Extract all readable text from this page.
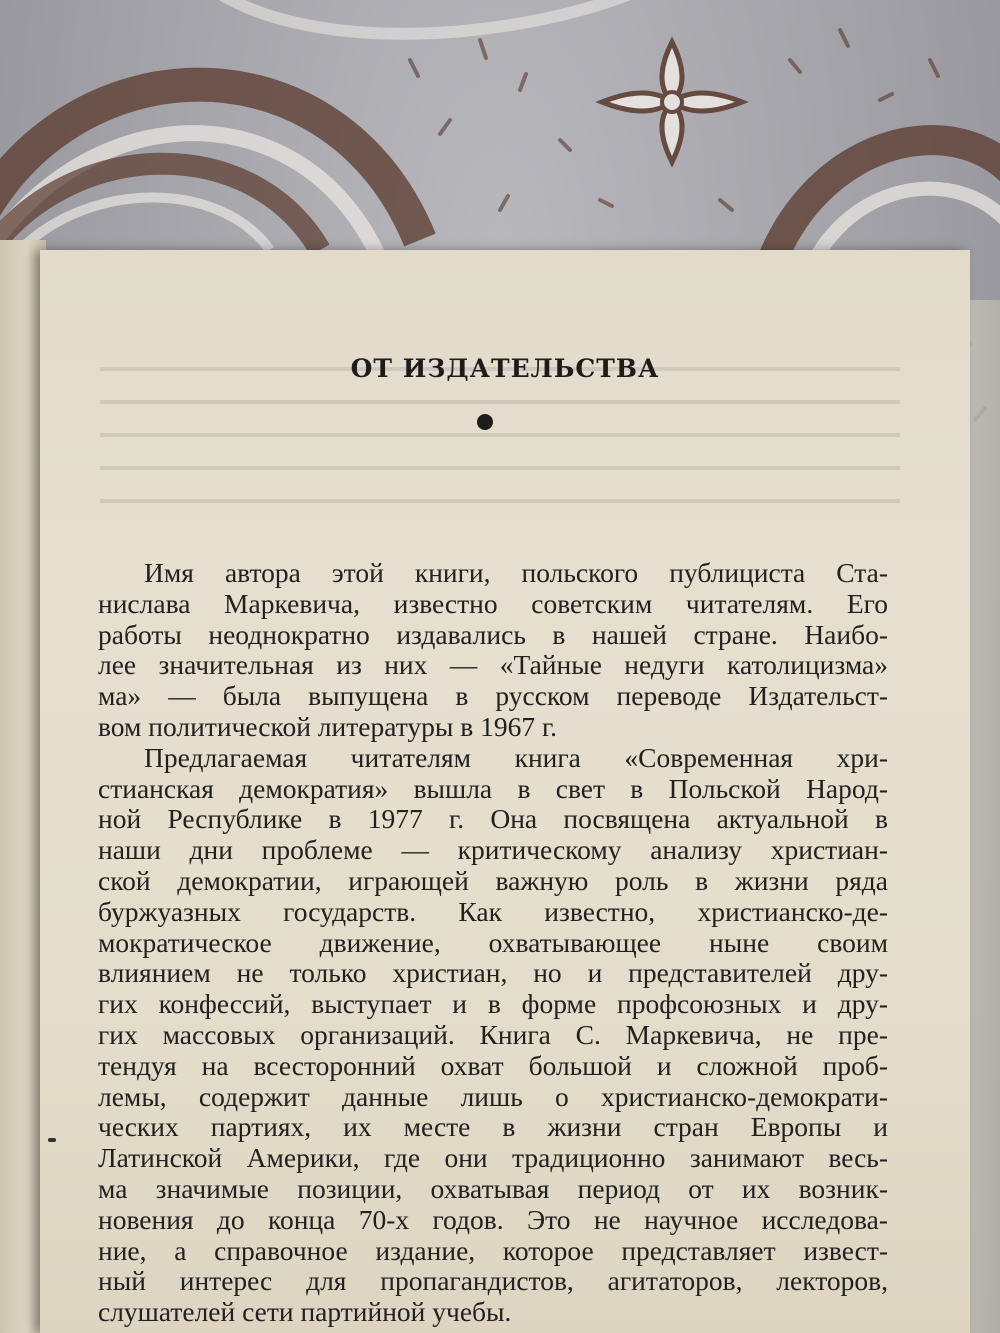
ОТ ИЗДАТЕЛЬСТВА
Имя автора этой книги, польского публициста Ста-
нислава Маркевича, известно советским читателям. Его
работы неоднократно издавались в нашей стране. Наибо-
лее значительная из них — «Тайные недуги католицизма»
ма» — была выпущена в русском переводе Издательст-
вом политической литературы в 1967 г.
Предлагаемая читателям книга «Современная хри-
стианская демократия» вышла в свет в Польской Народ-
ной Республике в 1977 г. Она посвящена актуальной в
наши дни проблеме — критическому анализу христиан-
ской демократии, играющей важную роль в жизни ряда
буржуазных государств. Как известно, христианско-де-
мократическое движение, охватывающее ныне своим
влиянием не только христиан, но и представителей дру-
гих конфессий, выступает и в форме профсоюзных и дру-
гих массовых организаций. Книга С. Маркевича, не пре-
тендуя на всесторонний охват большой и сложной проб-
лемы, содержит данные лишь о христианско-демократи-
ческих партиях, их месте в жизни стран Европы и
Латинской Америки, где они традиционно занимают весь-
ма значимые позиции, охватывая период от их возник-
новения до конца 70-х годов. Это не научное исследова-
ние, а справочное издание, которое представляет извест-
ный интерес для пропагандистов, агитаторов, лекторов,
слушателей сети партийной учебы.
